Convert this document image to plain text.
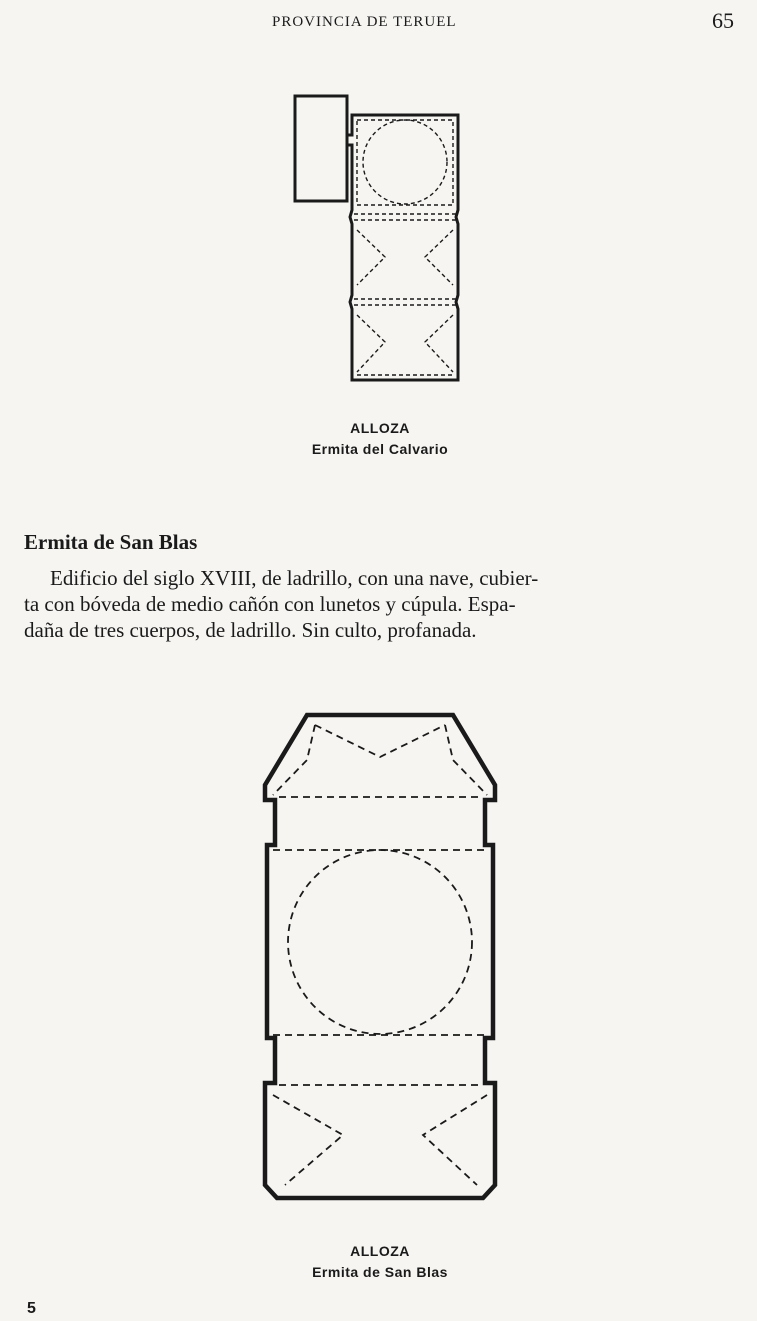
PROVINCIA DE TERUEL	65
ALLOZA
Ermita del Calvario
Ermita de San Blas
Edificio del siglo XVIII, de ladrillo, con una nave, cubier-
ta con bóveda de medio cañón con lunetos y cúpula. Espa-
daña de tres cuerpos, de ladrillo. Sin culto, profanada.
ALLOZA
Ermita de San Blas
5
